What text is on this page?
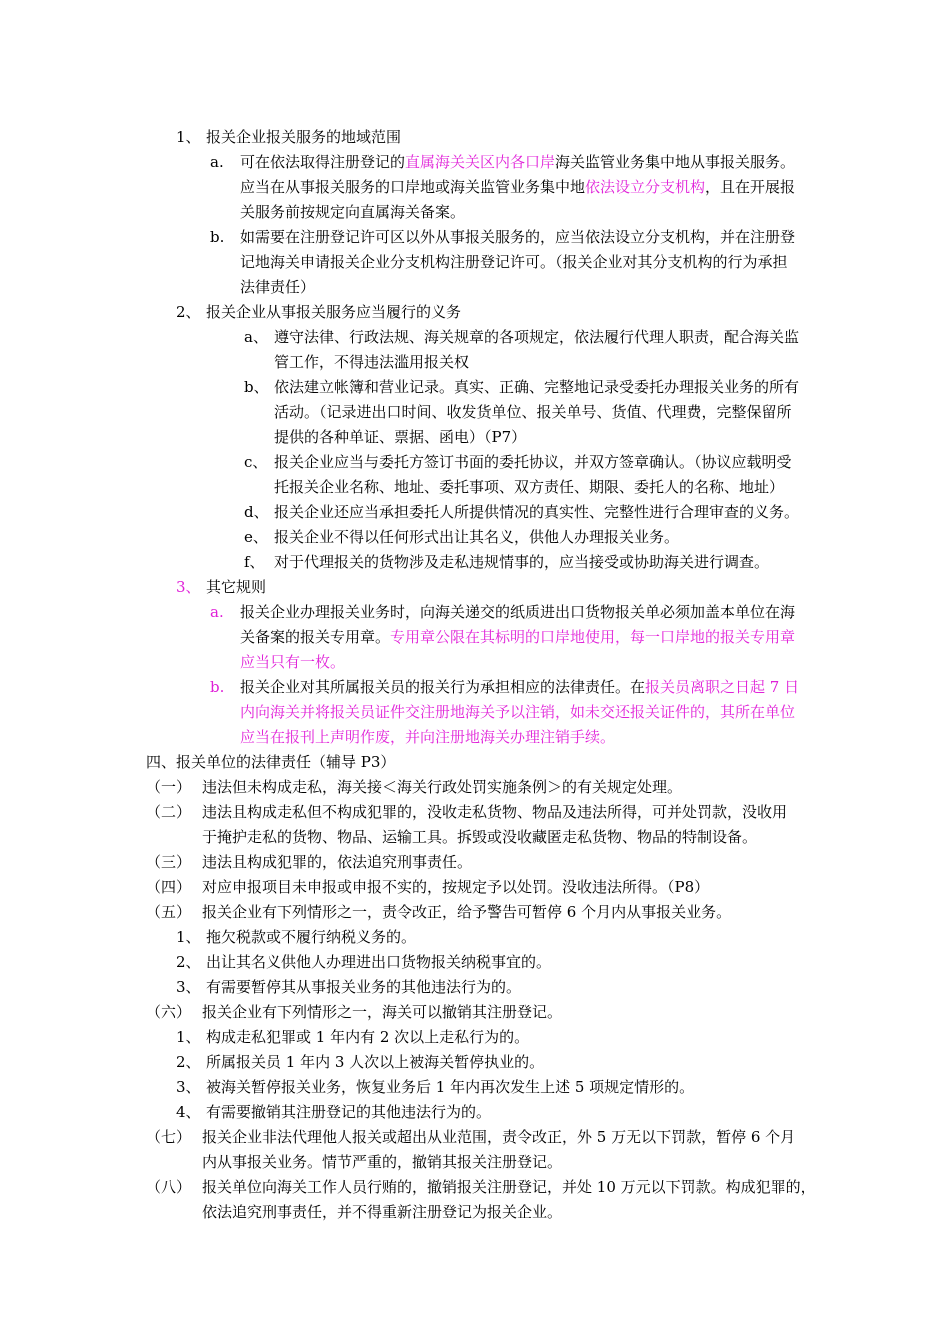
1、 报关企业报关服务的地域范围
a. 可在依法取得注册登记的直属海关关区内各口岸海关监管业务集中地从事报关服务。
应当在从事报关服务的口岸地或海关监管业务集中地依法设立分支机构，且在开展报
关服务前按规定向直属海关备案。
b. 如需要在注册登记许可区以外从事报关服务的，应当依法设立分支机构，并在注册登
记地海关申请报关企业分支机构注册登记许可。（报关企业对其分支机构的行为承担
法律责任）
2、 报关企业从事报关服务应当履行的义务
a、 遵守法律、行政法规、海关规章的各项规定，依法履行代理人职责，配合海关监
管工作，不得违法滥用报关权
b、 依法建立帐簿和营业记录。真实、正确、完整地记录受委托办理报关业务的所有
活动。（记录进出口时间、收发货单位、报关单号、货值、代理费，完整保留所
提供的各种单证、票据、函电）（P7）
c、 报关企业应当与委托方签订书面的委托协议，并双方签章确认。（协议应载明受
托报关企业名称、地址、委托事项、双方责任、期限、委托人的名称、地址）
d、 报关企业还应当承担委托人所提供情况的真实性、完整性进行合理审查的义务。
e、 报关企业不得以任何形式出让其名义，供他人办理报关业务。
f、 对于代理报关的货物涉及走私违规情事的，应当接受或协助海关进行调查。
3、 其它规则
a. 报关企业办理报关业务时，向海关递交的纸质进出口货物报关单必须加盖本单位在海
关备案的报关专用章。专用章公限在其标明的口岸地使用，每一口岸地的报关专用章
应当只有一枚。
b. 报关企业对其所属报关员的报关行为承担相应的法律责任。在报关员离职之日起 7 日
内向海关并将报关员证件交注册地海关予以注销，如未交还报关证件的，其所在单位
应当在报刊上声明作废，并向注册地海关办理注销手续。
四、报关单位的法律责任（辅导 P3）
（一） 违法但未构成走私，海关接＜海关行政处罚实施条例＞的有关规定处理。
（二） 违法且构成走私但不构成犯罪的，没收走私货物、物品及违法所得，可并处罚款，没收用
于掩护走私的货物、物品、运输工具。拆毁或没收藏匿走私货物、物品的特制设备。
（三） 违法且构成犯罪的，依法追究刑事责任。
（四） 对应申报项目未申报或申报不实的，按规定予以处罚。没收违法所得。（P8）
（五） 报关企业有下列情形之一，责令改正，给予警告可暂停 6 个月内从事报关业务。
1、 拖欠税款或不履行纳税义务的。
2、 出让其名义供他人办理进出口货物报关纳税事宜的。
3、 有需要暂停其从事报关业务的其他违法行为的。
（六） 报关企业有下列情形之一，海关可以撤销其注册登记。
1、 构成走私犯罪或 1 年内有 2 次以上走私行为的。
2、 所属报关员 1 年内 3 人次以上被海关暂停执业的。
3、 被海关暂停报关业务，恢复业务后 1 年内再次发生上述 5 项规定情形的。
4、 有需要撤销其注册登记的其他违法行为的。
（七） 报关企业非法代理他人报关或超出从业范围，责令改正，外 5 万无以下罚款，暂停 6 个月
内从事报关业务。情节严重的，撤销其报关注册登记。
（八） 报关单位向海关工作人员行贿的，撤销报关注册登记，并处 10 万元以下罚款。构成犯罪的，
依法追究刑事责任，并不得重新注册登记为报关企业。
